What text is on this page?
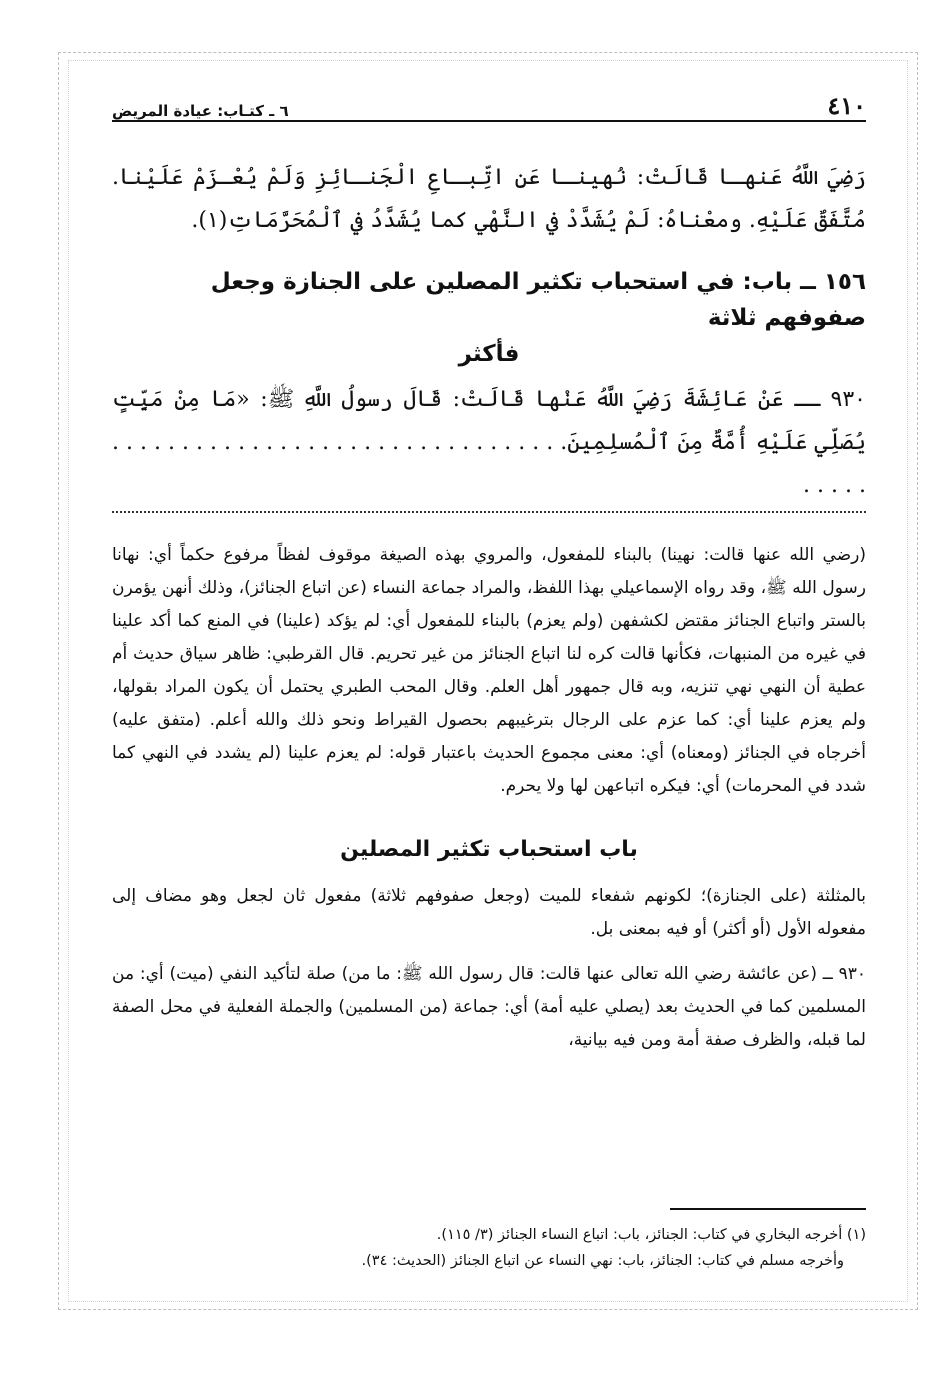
٤١٠
٦ ـ كتـاب: عيادة المريض
رَضِيَ اللَّهُ عَنهـا قَالَتْ: نُهينـا عَنِ اتِّبـاعِ الْجَنـائِزِ وَلَمْ يُعْـزَمْ عَلَيْنا. مُتَّفَقٌ عَلَيْهِ. ومعْناهُ: لَمْ يُشَدَّدْ في النَّهْي كما يُشَدَّدُ في ٱلْمُحَرَّمَاتِ(١).
١٥٦ ــ باب: في استحباب تكثير المصلين على الجنازة وجعل صفوفهم ثلاثة
فأكثر
٩٣٠ ــ عَنْ عَائِشَةَ رَضِيَ اللَّهُ عَنْها قَالَتْ: قَالَ رسولُ اللَّهِ ﷺ: «مَا مِنْ مَيِّتٍ يُصَلِّي عَلَيْهِ أُمَّةٌ مِنَ ٱلْمُسلِمِينَ. . . . . . . . . . . . . . . . . . . . . . . . . . . . . . . . . . . . . .
(رضي الله عنها قالت: نهينا) بالبناء للمفعول، والمروي بهذه الصيغة موقوف لفظاً مرفوع حكماً أي: نهانا رسول الله ﷺ، وقد رواه الإسماعيلي بهذا اللفظ، والمراد جماعة النساء (عن اتباع الجنائز)، وذلك أنهن يؤمرن بالستر واتباع الجنائز مقتض لكشفهن (ولم يعزم) بالبناء للمفعول أي: لم يؤكد (علينا) في المنع كما أكد علينا في غيره من المنبهات، فكأنها قالت كره لنا اتباع الجنائز من غير تحريم. قال القرطبي: ظاهر سياق حديث أم عطية أن النهي نهي تنزيه، وبه قال جمهور أهل العلم. وقال المحب الطبري يحتمل أن يكون المراد بقولها، ولم يعزم علينا أي: كما عزم على الرجال بترغيبهم بحصول القيراط ونحو ذلك والله أعلم. (متفق عليه) أخرجاه في الجنائز (ومعناه) أي: معنى مجموع الحديث باعتبار قوله: لم يعزم علينا (لم يشدد في النهي كما شدد في المحرمات) أي: فيكره اتباعهن لها ولا يحرم.
باب استحباب تكثير المصلين
بالمثلثة (على الجنازة)؛ لكونهم شفعاء للميت (وجعل صفوفهم ثلاثة) مفعول ثان لجعل وهو مضاف إلى مفعوله الأول (أو أكثر) أو فيه بمعنى بل.
٩٣٠ ــ (عن عائشة رضي الله تعالى عنها قالت: قال رسول الله ﷺ: ما من) صلة لتأكيد النفي (ميت) أي: من المسلمين كما في الحديث بعد (يصلي عليه أمة) أي: جماعة (من المسلمين) والجملة الفعلية في محل الصفة لما قبله، والظرف صفة أمة ومن فيه بيانية،
(١) أخرجه البخاري في كتاب: الجنائز، باب: اتباع النساء الجنائز (٣/ ١١٥).
وأخرجه مسلم في كتاب: الجنائز، باب: نهي النساء عن اتباع الجنائز (الحديث: ٣٤).
